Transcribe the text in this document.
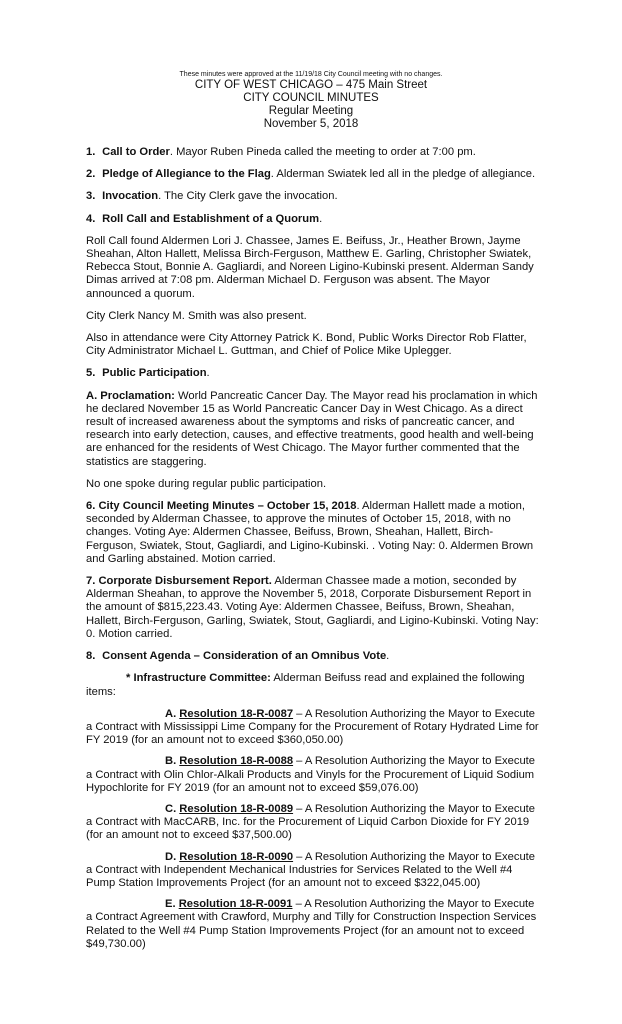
These minutes were approved at the 11/19/18 City Council meeting with no changes.
CITY OF WEST CHICAGO – 475 Main Street
CITY COUNCIL MINUTES
Regular Meeting
November 5, 2018

1. Call to Order. Mayor Ruben Pineda called the meeting to order at 7:00 pm.

2. Pledge of Allegiance to the Flag. Alderman Swiatek led all in the pledge of allegiance.

3. Invocation. The City Clerk gave the invocation.

4. Roll Call and Establishment of a Quorum.

Roll Call found Aldermen Lori J. Chassee, James E. Beifuss, Jr., Heather Brown, Jayme Sheahan, Alton Hallett, Melissa Birch-Ferguson, Matthew E. Garling, Christopher Swiatek, Rebecca Stout, Bonnie A. Gagliardi, and Noreen Ligino-Kubinski present. Alderman Sandy Dimas arrived at 7:08 pm. Alderman Michael D. Ferguson was absent. The Mayor announced a quorum.

City Clerk Nancy M. Smith was also present.

Also in attendance were City Attorney Patrick K. Bond, Public Works Director Rob Flatter, City Administrator Michael L. Guttman, and Chief of Police Mike Uplegger.

5. Public Participation.

A. Proclamation: World Pancreatic Cancer Day. The Mayor read his proclamation in which he declared November 15 as World Pancreatic Cancer Day in West Chicago. As a direct result of increased awareness about the symptoms and risks of pancreatic cancer, and research into early detection, causes, and effective treatments, good health and well-being are enhanced for the residents of West Chicago. The Mayor further commented that the statistics are staggering.

No one spoke during regular public participation.

6. City Council Meeting Minutes – October 15, 2018. Alderman Hallett made a motion, seconded by Alderman Chassee, to approve the minutes of October 15, 2018, with no changes. Voting Aye: Aldermen Chassee, Beifuss, Brown, Sheahan, Hallett, Birch-Ferguson, Swiatek, Stout, Gagliardi, and Ligino-Kubinski. . Voting Nay: 0. Aldermen Brown and Garling abstained. Motion carried.

7. Corporate Disbursement Report. Alderman Chassee made a motion, seconded by Alderman Sheahan, to approve the November 5, 2018, Corporate Disbursement Report in the amount of $815,223.43. Voting Aye: Aldermen Chassee, Beifuss, Brown, Sheahan, Hallett, Birch-Ferguson, Garling, Swiatek, Stout, Gagliardi, and Ligino-Kubinski. Voting Nay: 0. Motion carried.

8. Consent Agenda – Consideration of an Omnibus Vote.

* Infrastructure Committee: Alderman Beifuss read and explained the following items:

A. Resolution 18-R-0087 – A Resolution Authorizing the Mayor to Execute a Contract with Mississippi Lime Company for the Procurement of Rotary Hydrated Lime for FY 2019 (for an amount not to exceed $360,050.00)

B. Resolution 18-R-0088 – A Resolution Authorizing the Mayor to Execute a Contract with Olin Chlor-Alkali Products and Vinyls for the Procurement of Liquid Sodium Hypochlorite for FY 2019 (for an amount not to exceed $59,076.00)

C. Resolution 18-R-0089 – A Resolution Authorizing the Mayor to Execute a Contract with MacCARB, Inc. for the Procurement of Liquid Carbon Dioxide for FY 2019 (for an amount not to exceed $37,500.00)

D. Resolution 18-R-0090 – A Resolution Authorizing the Mayor to Execute a Contract with Independent Mechanical Industries for Services Related to the Well #4 Pump Station Improvements Project (for an amount not to exceed $322,045.00)

E. Resolution 18-R-0091 – A Resolution Authorizing the Mayor to Execute a Contract Agreement with Crawford, Murphy and Tilly for Construction Inspection Services Related to the Well #4 Pump Station Improvements Project (for an amount not to exceed $49,730.00)
